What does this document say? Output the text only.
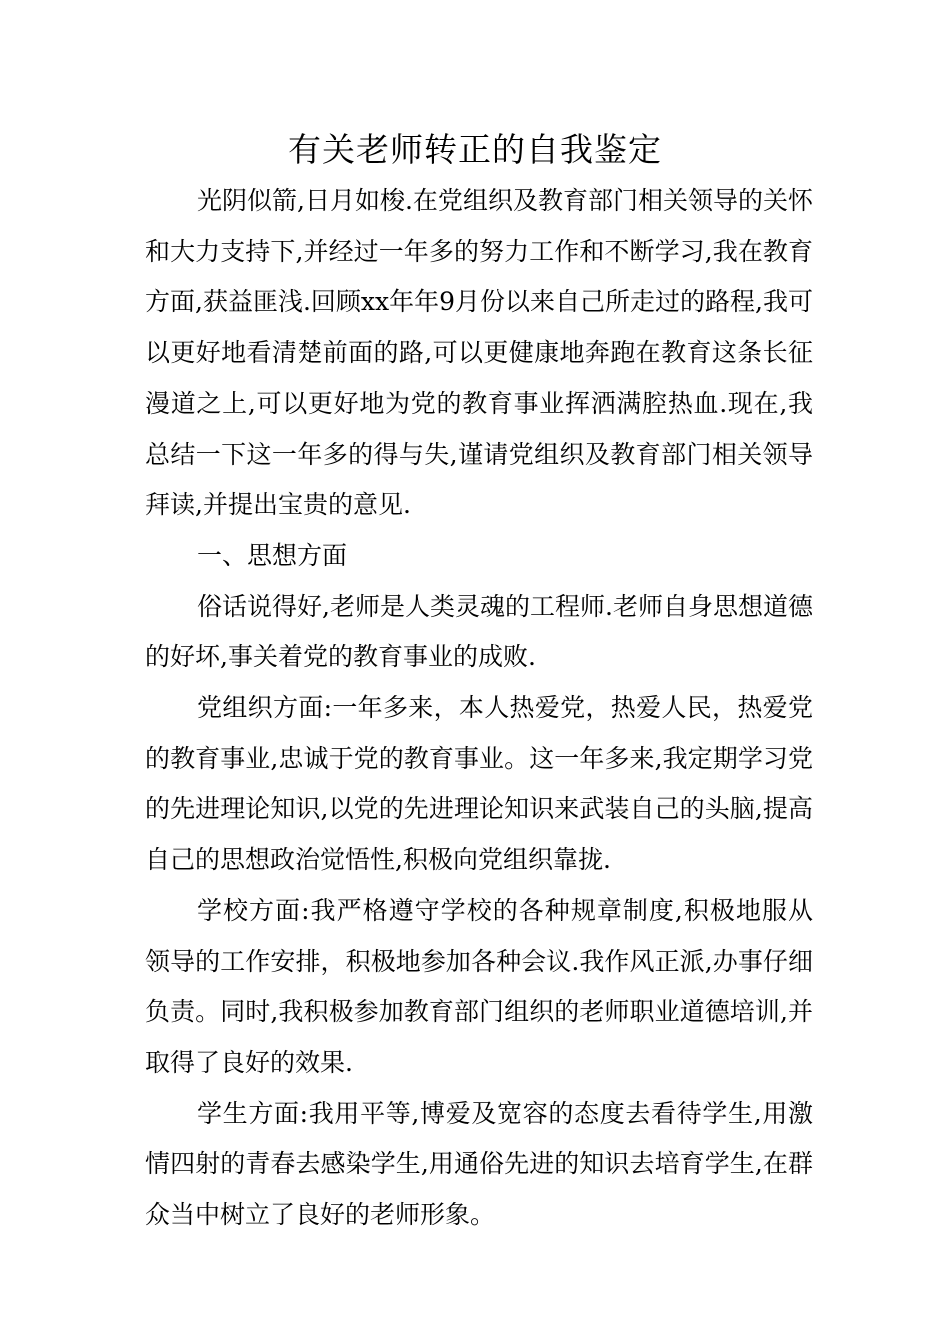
有关老师转正的自我鉴定

光阴似箭,日月如梭.在党组织及教育部门相关领导的关怀和大力支持下,并经过一年多的努力工作和不断学习,我在教育方面,获益匪浅.回顾xx年年9月份以来自己所走过的路程,我可以更好地看清楚前面的路,可以更健康地奔跑在教育这条长征漫道之上,可以更好地为党的教育事业挥洒满腔热血.现在,我总结一下这一年多的得与失,谨请党组织及教育部门相关领导拜读,并提出宝贵的意见.

一、思想方面

俗话说得好,老师是人类灵魂的工程师.老师自身思想道德的好坏,事关着党的教育事业的成败.

党组织方面:一年多来，本人热爱党，热爱人民，热爱党的教育事业,忠诚于党的教育事业。这一年多来,我定期学习党的先进理论知识,以党的先进理论知识来武装自己的头脑,提高自己的思想政治觉悟性,积极向党组织靠拢.

学校方面:我严格遵守学校的各种规章制度,积极地服从领导的工作安排，积极地参加各种会议.我作风正派,办事仔细负责。同时,我积极参加教育部门组织的老师职业道德培训,并取得了良好的效果.

学生方面:我用平等,博爱及宽容的态度去看待学生,用激情四射的青春去感染学生,用通俗先进的知识去培育学生,在群众当中树立了良好的老师形象。
